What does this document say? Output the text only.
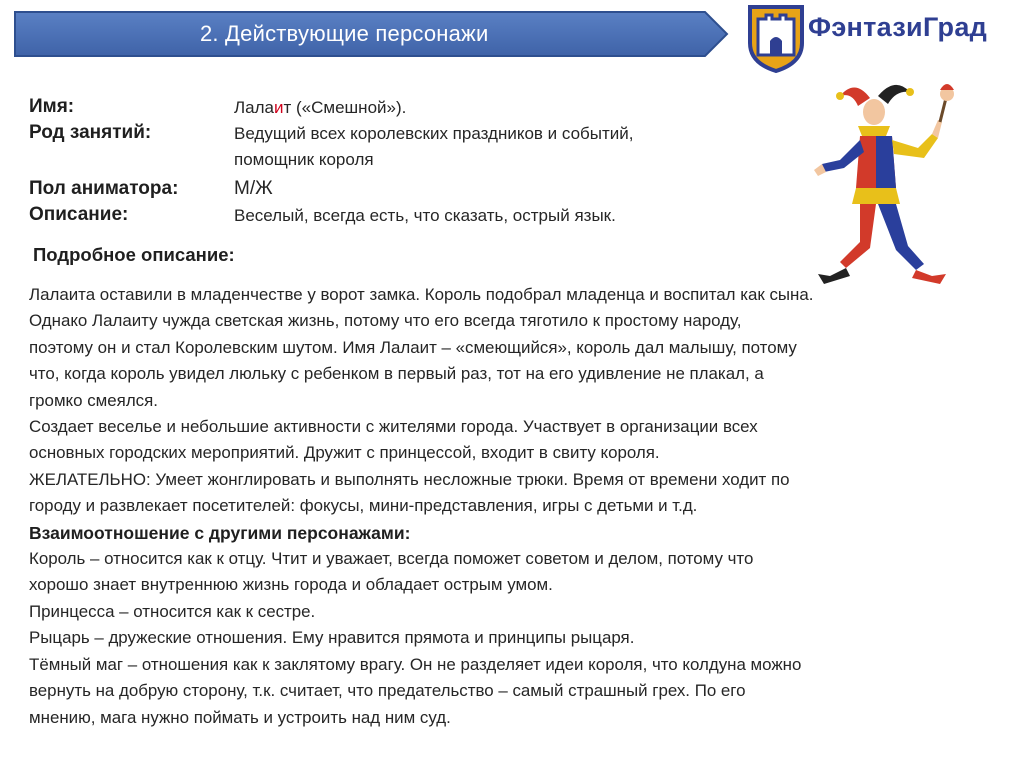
2. Действующие персонажи	ФэнтазиГрад
Имя:	Лалаит («Смешной»).
Род занятий:	Ведущий всех королевских праздников и событий,
помощник короля
Пол аниматора:	М/Ж
Описание:	Веселый, всегда есть, что сказать, острый язык.
Подробное описание:

Лалаита оставили в младенчестве у ворот замка. Король подобрал младенца и воспитал как сына.

Однако Лалаиту чужда светская жизнь, потому что его всегда тяготило к простому народу,

поэтому он и стал Королевским шутом. Имя Лалаит – «смеющийся», король дал малышу, потому

что, когда король увидел люльку с ребенком в первый раз, тот на его удивление не плакал, а

громко смеялся.

Создает веселье и небольшие активности с жителями города. Участвует в организации всех

основных городских мероприятий. Дружит с принцессой, входит в свиту короля.

ЖЕЛАТЕЛЬНО: Умеет жонглировать и выполнять несложные трюки. Время от времени ходит по

городу и развлекает посетителей: фокусы, мини-представления, игры с детьми и т.д.

Взаимоотношение с другими персонажами:

Король – относится как к отцу. Чтит и уважает, всегда поможет советом и делом, потому что

хорошо знает внутреннюю жизнь города и обладает острым умом.

Принцесса – относится как к сестре.

Рыцарь – дружеские отношения. Ему нравится прямота и принципы рыцаря.

Тёмный маг – отношения как к заклятому врагу. Он не разделяет идеи короля, что колдуна можно

вернуть на добрую сторону, т.к. считает, что предательство – самый страшный грех. По его

мнению, мага нужно поймать и устроить над ним суд.
